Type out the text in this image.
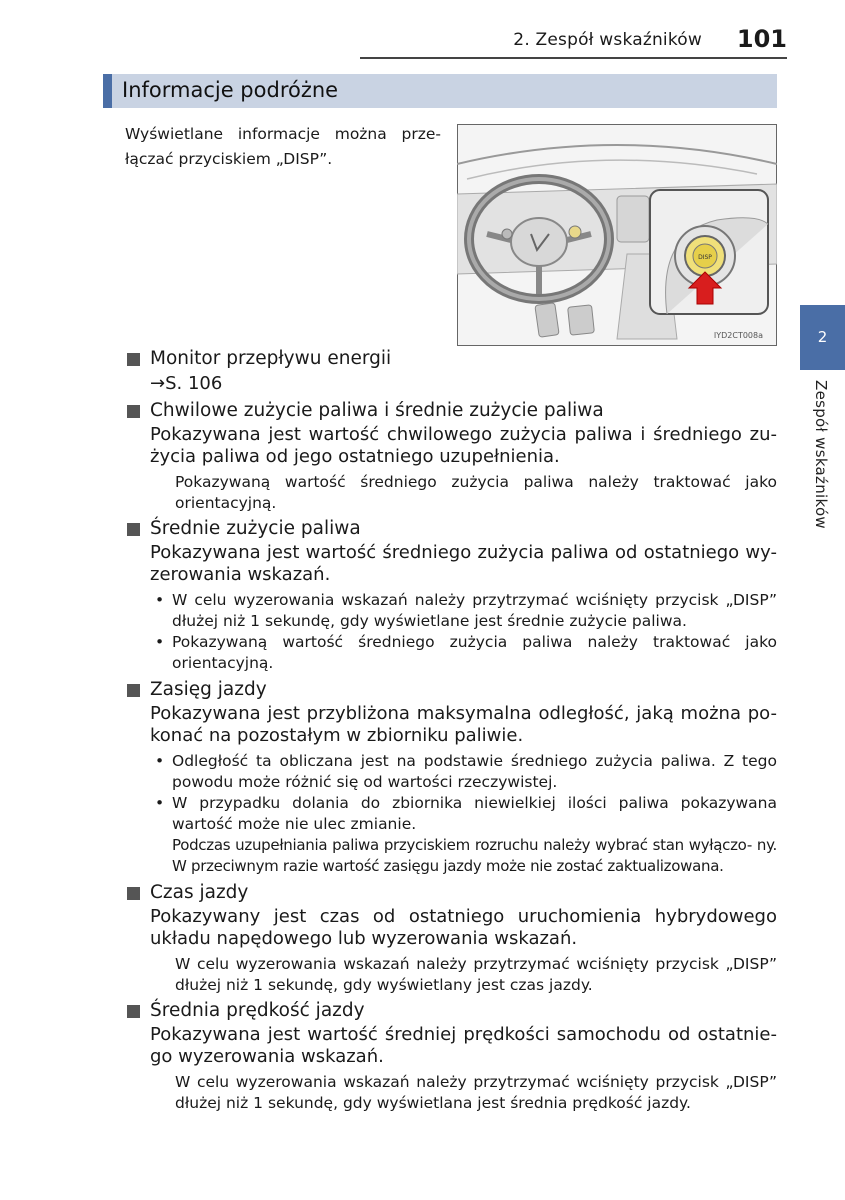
2. Zespół wskaźników 101
Informacje podróżne
Wyświetlane informacje można prze- łączać przyciskiem „DISP”.
DISP
IYD2CT008a	2
Zespół wskaźników
Monitor przepływu energii
→S. 106
Chwilowe zużycie paliwa i średnie zużycie paliwa
Pokazywana jest wartość chwilowego zużycia paliwa i średniego zu- życia paliwa od jego ostatniego uzupełnienia.
Pokazywaną wartość średniego zużycia paliwa należy traktować jako orientacyjną.
Średnie zużycie paliwa
Pokazywana jest wartość średniego zużycia paliwa od ostatniego wy- zerowania wskazań.
• W celu wyzerowania wskazań należy przytrzymać wciśnięty przycisk „DISP” dłużej niż 1 sekundę, gdy wyświetlane jest średnie zużycie paliwa.
• Pokazywaną wartość średniego zużycia paliwa należy traktować jako orientacyjną.
Zasięg jazdy
Pokazywana jest przybliżona maksymalna odległość, jaką można po- konać na pozostałym w zbiorniku paliwie.
• Odległość ta obliczana jest na podstawie średniego zużycia paliwa. Z tego powodu może różnić się od wartości rzeczywistej.
• W przypadku dolania do zbiornika niewielkiej ilości paliwa pokazywana wartość może nie ulec zmianie.
Podczas uzupełniania paliwa przyciskiem rozruchu należy wybrać stan wyłączo- ny. W przeciwnym razie wartość zasięgu jazdy może nie zostać zaktualizowana.
Czas jazdy
Pokazywany jest czas od ostatniego uruchomienia hybrydowego układu napędowego lub wyzerowania wskazań.
W celu wyzerowania wskazań należy przytrzymać wciśnięty przycisk „DISP” dłużej niż 1 sekundę, gdy wyświetlany jest czas jazdy.
Średnia prędkość jazdy
Pokazywana jest wartość średniej prędkości samochodu od ostatnie- go wyzerowania wskazań.
W celu wyzerowania wskazań należy przytrzymać wciśnięty przycisk „DISP” dłużej niż 1 sekundę, gdy wyświetlana jest średnia prędkość jazdy.
